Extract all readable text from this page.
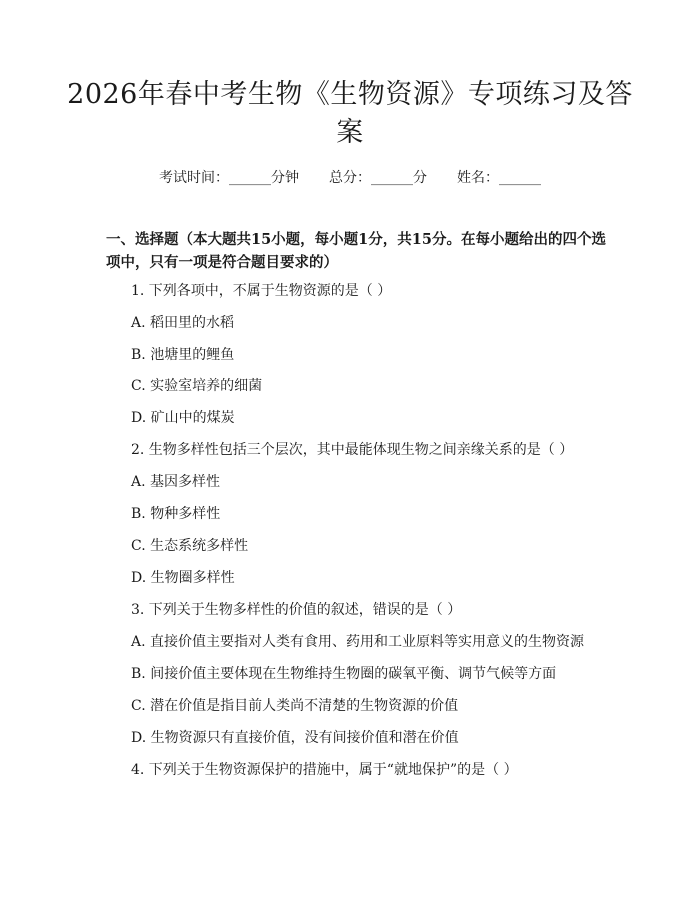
2026年春中考生物《生物资源》专项练习及答案
考试时间：______分钟 总分：______分 姓名：______
一、选择题（本大题共15小题，每小题1分，共15分。在每小题给出的四个选项中，只有一项是符合题目要求的）
1. 下列各项中，不属于生物资源的是（ ）
A. 稻田里的水稻
B. 池塘里的鲤鱼
C. 实验室培养的细菌
D. 矿山中的煤炭
2. 生物多样性包括三个层次，其中最能体现生物之间亲缘关系的是（ ）
A. 基因多样性
B. 物种多样性
C. 生态系统多样性
D. 生物圈多样性
3. 下列关于生物多样性的价值的叙述，错误的是（ ）
A. 直接价值主要指对人类有食用、药用和工业原料等实用意义的生物资源
B. 间接价值主要体现在生物维持生物圈的碳氧平衡、调节气候等方面
C. 潜在价值是指目前人类尚不清楚的生物资源的价值
D. 生物资源只有直接价值，没有间接价值和潜在价值
4. 下列关于生物资源保护的措施中，属于“就地保护”的是（ ）
